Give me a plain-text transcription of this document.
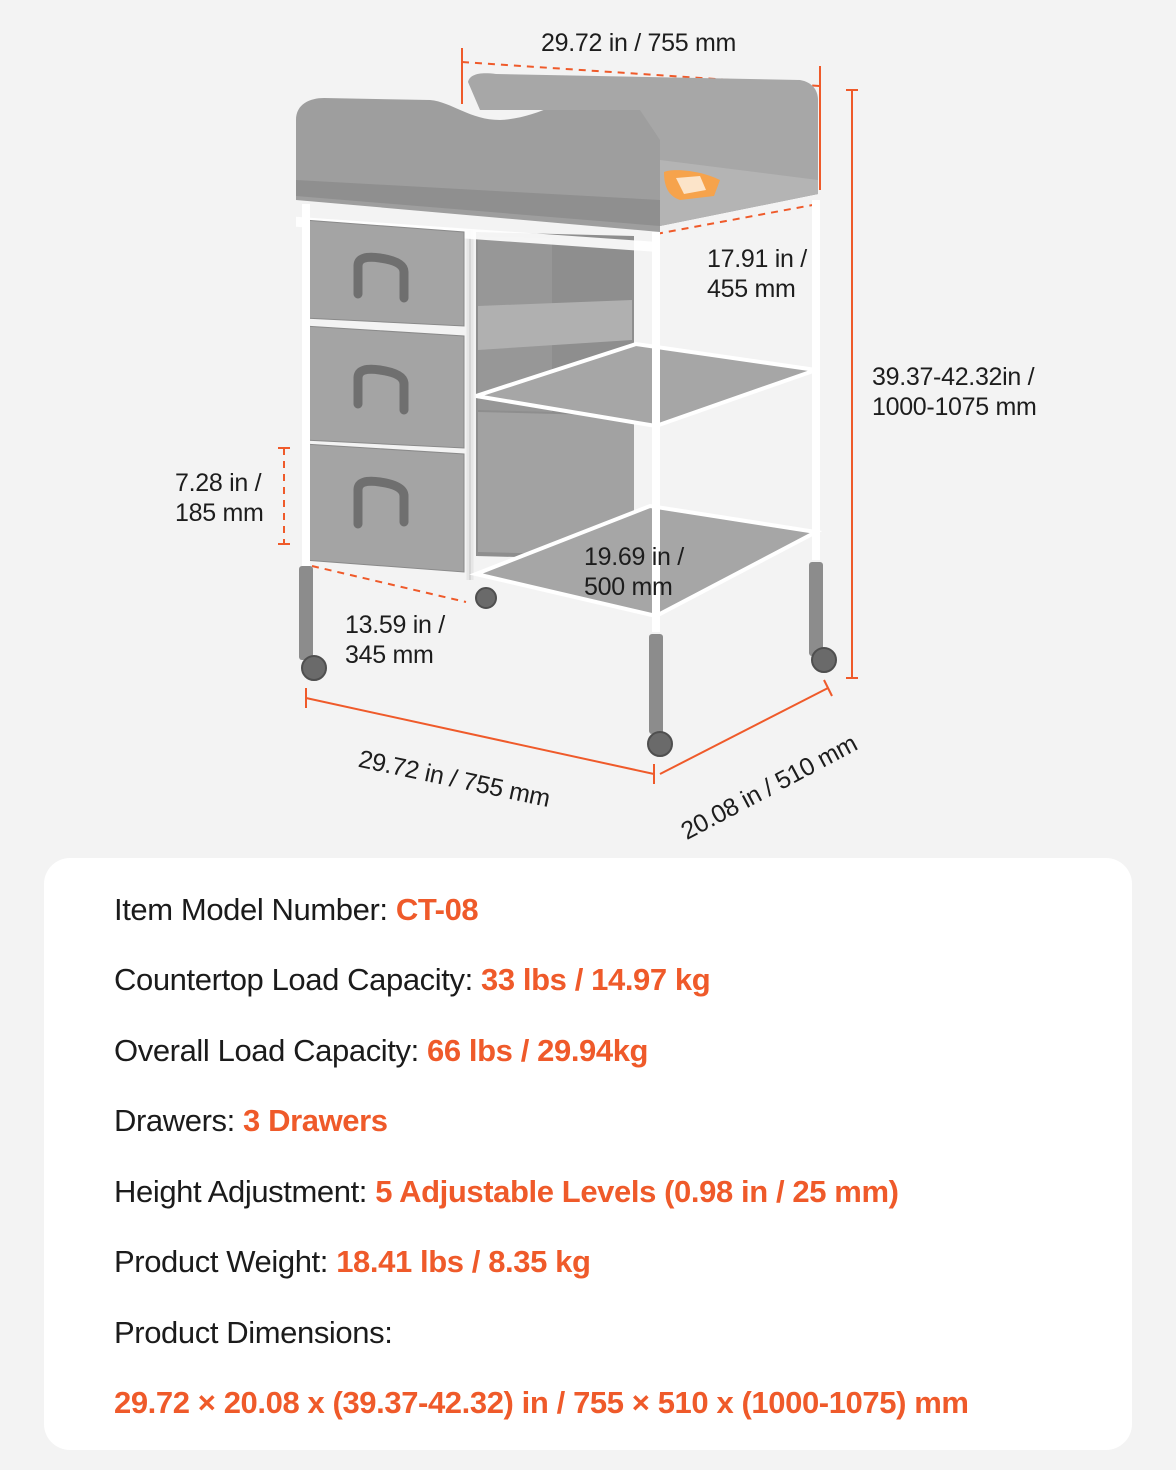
29.72 in / 755 mm
17.91 in /
455 mm
39.37-42.32in /
1000-1075 mm
7.28 in /
185 mm
19.69 in /
500 mm
13.59 in /
345 mm
29.72 in / 755 mm	20.08 in / 510 mm
Item Model Number: CT-08
Countertop Load Capacity: 33 lbs / 14.97 kg
Overall Load Capacity: 66 lbs / 29.94kg
Drawers: 3 Drawers
Height Adjustment: 5 Adjustable Levels (0.98 in / 25 mm)
Product Weight: 18.41 lbs / 8.35 kg
Product Dimensions:
29.72 × 20.08 x (39.37-42.32) in / 755 × 510 x (1000-1075) mm
